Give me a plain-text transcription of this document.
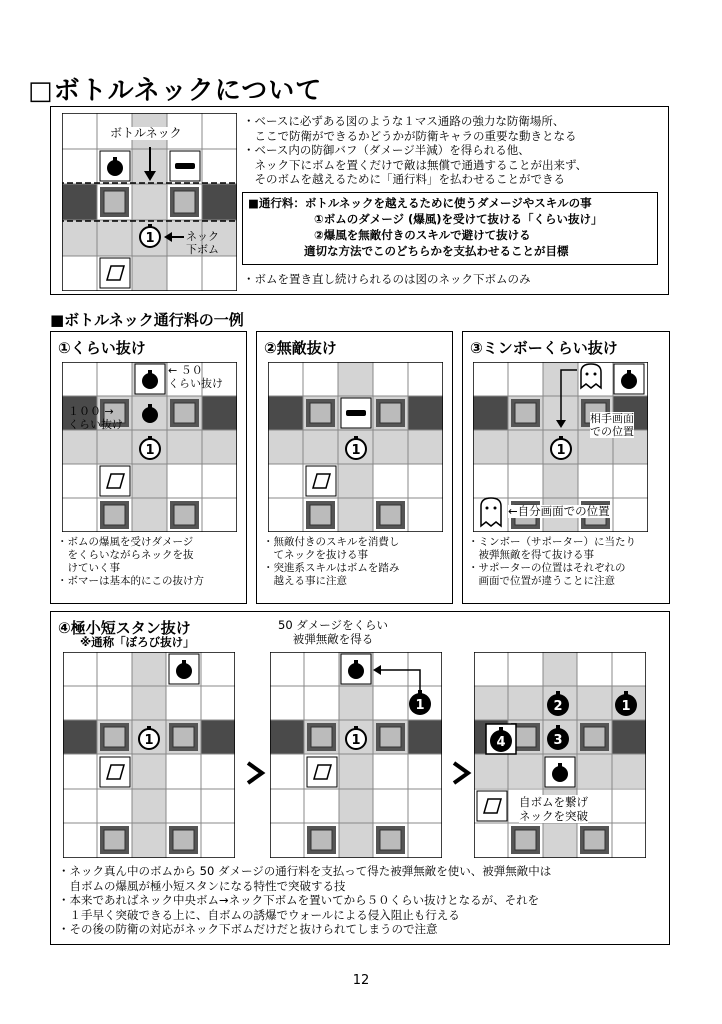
□ボトルネックについて
1
ボトルネック
ネック
下ボム
・ベースに必ずある図のような１マス通路の強力な防衛場所、
　ここで防衛ができるかどうかが防衛キャラの重要な動きとなる
・ベース内の防御バフ（ダメージ半減）を得られる他、
　ネック下にボムを置くだけで敵は無償で通過することが出来ず、
　そのボムを越えるために「通行料」を払わせることができる
■通行料：ボトルネックを越えるために使うダメージやスキルの事
①ボムのダメージ (爆風)を受けて抜ける「くらい抜け」
②爆風を無敵付きのスキルで避けて抜ける
適切な方法でこのどちらかを支払わせることが目標
・ボムを置き直し続けられるのは図のネック下ボムのみ
■ボトルネック通行料の一例
①くらい抜け
1
← ５０
くらい抜け
１００ →
くらい抜け
・ボムの爆風を受けダメージ
　をくらいながらネックを抜
　けていく事
・ボマーは基本的にこの抜け方
②無敵抜け
1
・無敵付きのスキルを消費し
　てネックを抜ける事
・突進系スキルはボムを踏み
　越える事に注意
③ミンボーくらい抜け
1
相手画面
での位置
←自分画面での位置
・ミンボー（サポーター）に当たり
　被弾無敵を得て抜ける事
・サポーターの位置はそれぞれの
　画面で位置が違うことに注意
④極小短スタン抜け
※通称「ぼろび抜け」
50 ダメージをくらい
被弾無敵を得る
1
1
1
2	1
3
4
自ボムを繋げ
ネックを突破
・ネック真ん中のボムから 50 ダメージの通行料を支払って得た被弾無敵を使い、被弾無敵中は
　自ボムの爆風が極小短スタンになる特性で突破する技
・本来であればネック中央ボム→ネック下ボムを置いてから５０くらい抜けとなるが、それを
　１手早く突破できる上に、自ボムの誘爆でウォールによる侵入阻止も行える
・その後の防衛の対応がネック下ボムだけだと抜けられてしまうので注意
12
